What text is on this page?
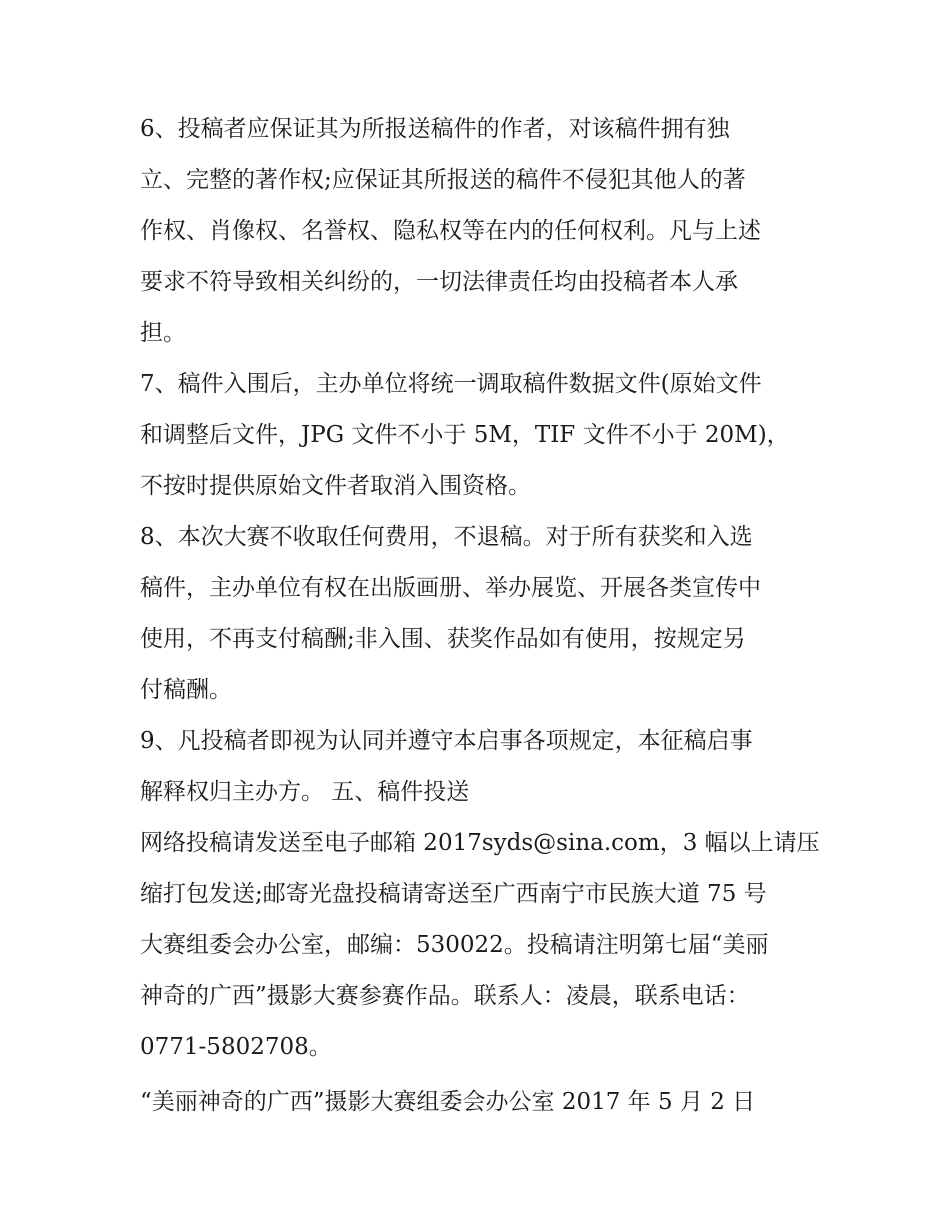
6、投稿者应保证其为所报送稿件的作者，对该稿件拥有独
立、完整的著作权;应保证其所报送的稿件不侵犯其他人的著
作权、肖像权、名誉权、隐私权等在内的任何权利。凡与上述
要求不符导致相关纠纷的，一切法律责任均由投稿者本人承
担。
7、稿件入围后，主办单位将统一调取稿件数据文件(原始文件
和调整后文件，JPG 文件不小于 5M，TIF 文件不小于 20M)，
不按时提供原始文件者取消入围资格。
8、本次大赛不收取任何费用，不退稿。对于所有获奖和入选
稿件，主办单位有权在出版画册、举办展览、开展各类宣传中
使用，不再支付稿酬;非入围、获奖作品如有使用，按规定另
付稿酬。
9、凡投稿者即视为认同并遵守本启事各项规定，本征稿启事
解释权归主办方。 五、稿件投送
网络投稿请发送至电子邮箱 2017syds@sina.com，3 幅以上请压
缩打包发送;邮寄光盘投稿请寄送至广西南宁市民族大道 75 号
大赛组委会办公室，邮编：530022。投稿请注明第七届“美丽
神奇的广西”摄影大赛参赛作品。联系人：凌晨，联系电话：
0771-5802708。
“美丽神奇的广西”摄影大赛组委会办公室 2017 年 5 月 2 日
